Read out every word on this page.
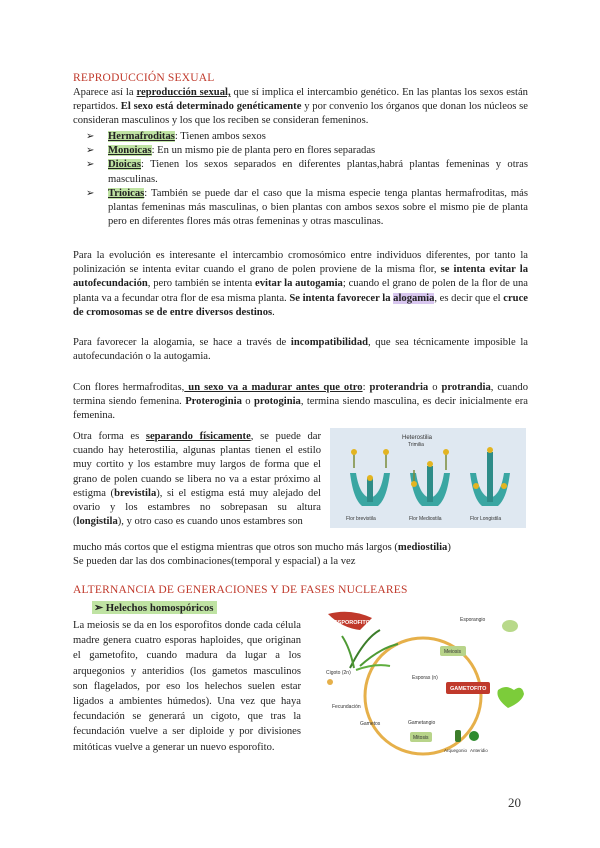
REPRODUCCIÓN SEXUAL
Aparece así la reproducción sexual, que sí implica el intercambio genético. En las plantas los sexos están repartidos. El sexo está determinado genéticamente y por convenio los órganos que donan los núcleos se consideran masculinos y los que los reciben se consideran femeninos.
➢ Hermafroditas: Tienen ambos sexos
➢ Monoicas: En un mismo pie de planta pero en flores separadas
➢ Dioicas: Tienen los sexos separados en diferentes plantas,habrá plantas femeninas y otras masculinas.
➢ Trioicas: También se puede dar el caso que la misma especie tenga plantas hermafroditas, más plantas femeninas más masculinas, o bien plantas con ambos sexos sobre el mismo pie de planta pero en diferentes flores más otras femeninas y otras masculinas.
Para la evolución es interesante el intercambio cromosómico entre individuos diferentes, por tanto la polinización se intenta evitar cuando el grano de polen proviene de la misma flor, se intenta evitar la autofecundación, pero también se intenta evitar la autogamia; cuando el grano de polen de la flor de una planta va a fecundar otra flor de esa misma planta. Se intenta favorecer la alogamia, es decir que el cruce de cromosomas se de entre diversos destinos.
Para favorecer la alogamia, se hace a través de incompatibilidad, que sea técnicamente imposible la autofecundación o la autogamia.
Con flores hermafroditas, un sexo va a madurar antes que otro: proterandria o protrandia, cuando termina siendo femenina. Proteroginia o protoginia, termina siendo masculina, es decir inicialmente era femenina.
Otra forma es separando físicamente, se puede dar cuando hay heterostilia, algunas plantas tienen el estilo muy cortito y los estambre muy largos de forma que el grano de polen cuando se libera no va a estar próximo al estigma (brevistila), si el estigma está muy alejado del ovario y los estambres no sobrepasan su altura (longistila), y otro caso es cuando unos estambres son
Heterostilia
Trimilia
Flor brevistila	Flor Mediostila	Flor Longistila
mucho más cortos que el estigma mientras que otros son mucho más largos (mediostilia)
Se pueden dar las dos combinaciones(temporal y espacial) a la vez
ALTERNANCIA DE GENERACIONES Y DE FASES NUCLEARES
➢ Helechos homospóricos
La meiosis se da en los esporofitos donde cada célula madre genera cuatro esporas haploides, que originan el gametofito, cuando madura da lugar a los arquegonios y anteridios (los gametos masculinos son flagelados, por eso los helechos suelen estar ligados a ambientes húmedos). Una vez que haya fecundación se generará un cigoto, que tras la fecundación vuelve a ser diploide y por divisiones mitóticas vuelve a generar un nuevo esporofito.
ESPOROFITO	Esporangio
Meiosis
Cigoto (2n)
Esporas (n)
GAMETOFITO
Fecundación
Gametos	Gametangio
Mitosis
Arquegonio Anteridio
20
